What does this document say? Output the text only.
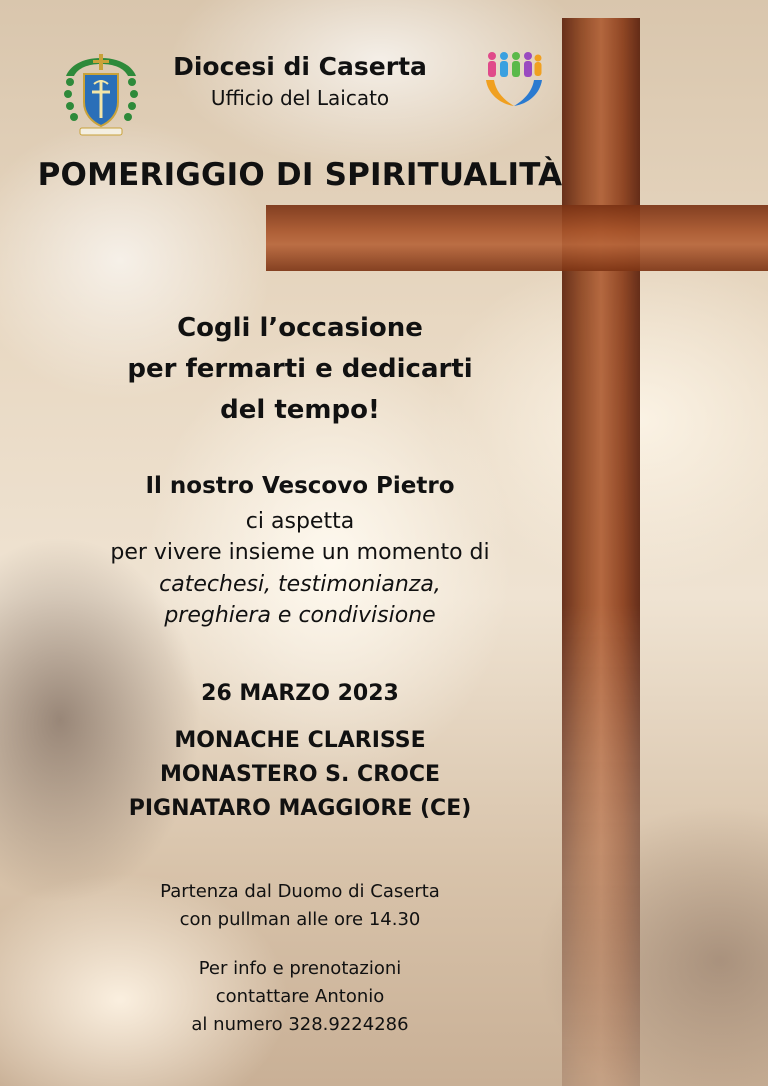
Diocesi di Caserta
Ufficio del Laicato
POMERIGGIO DI SPIRITUALITÀ
Cogli l’occasione
per fermarti e dedicarti
del tempo!
Il nostro Vescovo Pietro
ci aspetta
per vivere insieme un momento di
catechesi, testimonianza,
preghiera e condivisione
26 MARZO 2023
MONACHE CLARISSE
MONASTERO S. CROCE
PIGNATARO MAGGIORE (CE)
Partenza dal Duomo di Caserta
con pullman alle ore 14.30
Per info e prenotazioni
contattare Antonio
al numero 328.9224286
